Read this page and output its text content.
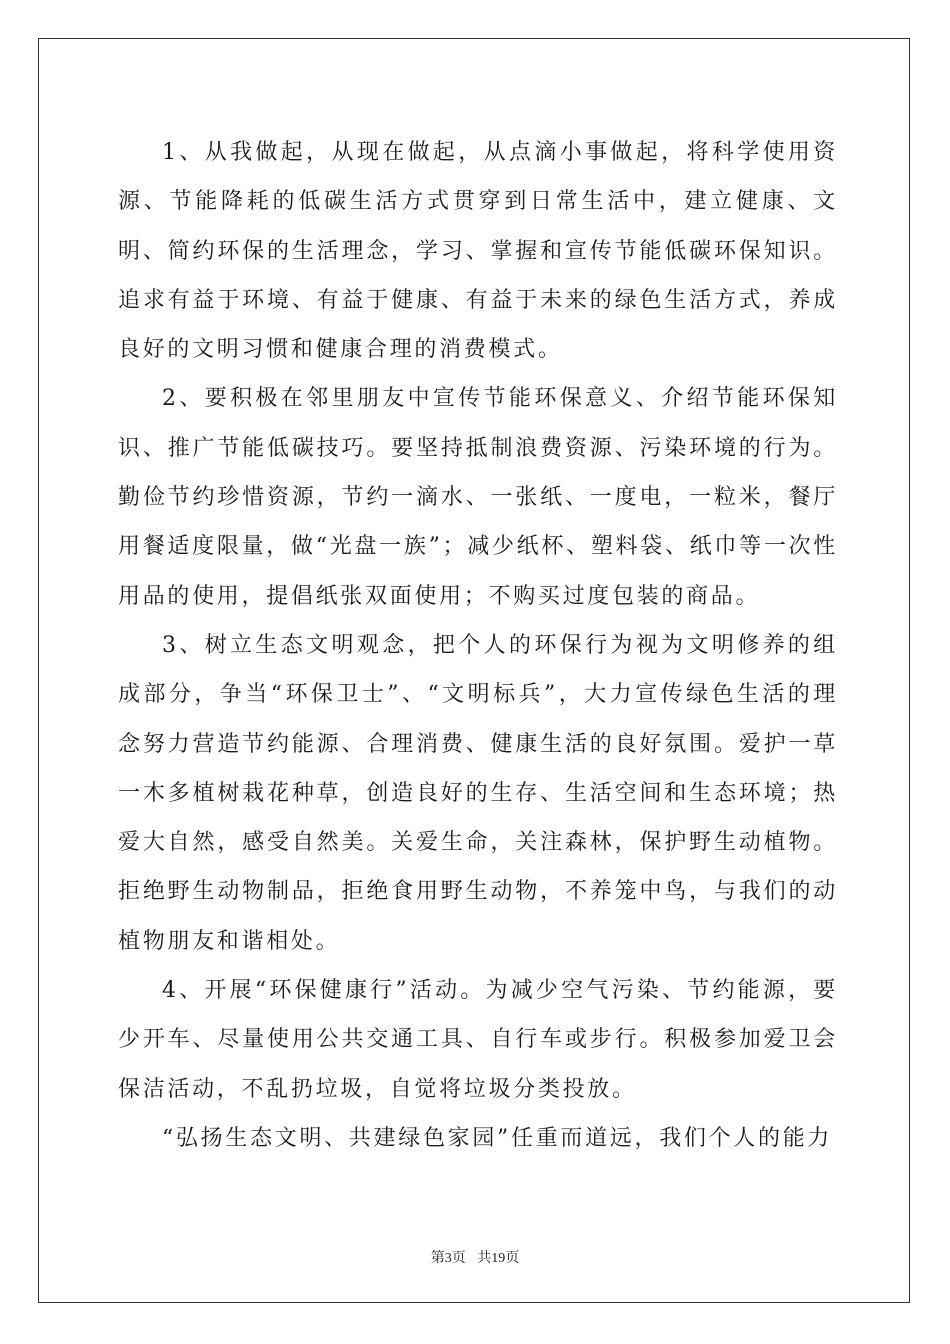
1、从我做起，从现在做起，从点滴小事做起，将科学使用资源、节能降耗的低碳生活方式贯穿到日常生活中，建立健康、文明、简约环保的生活理念，学习、掌握和宣传节能低碳环保知识。追求有益于环境、有益于健康、有益于未来的绿色生活方式，养成良好的文明习惯和健康合理的消费模式。

2、要积极在邻里朋友中宣传节能环保意义、介绍节能环保知识、推广节能低碳技巧。要坚持抵制浪费资源、污染环境的行为。勤俭节约珍惜资源，节约一滴水、一张纸、一度电，一粒米，餐厅用餐适度限量，做“光盘一族”；减少纸杯、塑料袋、纸巾等一次性用品的使用，提倡纸张双面使用；不购买过度包装的商品。

3、树立生态文明观念，把个人的环保行为视为文明修养的组成部分，争当“环保卫士”、“文明标兵”，大力宣传绿色生活的理念努力营造节约能源、合理消费、健康生活的良好氛围。爱护一草一木多植树栽花种草，创造良好的生存、生活空间和生态环境；热爱大自然，感受自然美。关爱生命，关注森林，保护野生动植物。拒绝野生动物制品，拒绝食用野生动物，不养笼中鸟，与我们的动植物朋友和谐相处。

4、开展“环保健康行”活动。为减少空气污染、节约能源，要少开车、尽量使用公共交通工具、自行车或步行。积极参加爱卫会保洁活动，不乱扔垃圾，自觉将垃圾分类投放。

“弘扬生态文明、共建绿色家园”任重而道远，我们个人的能力

第3页 共19页
